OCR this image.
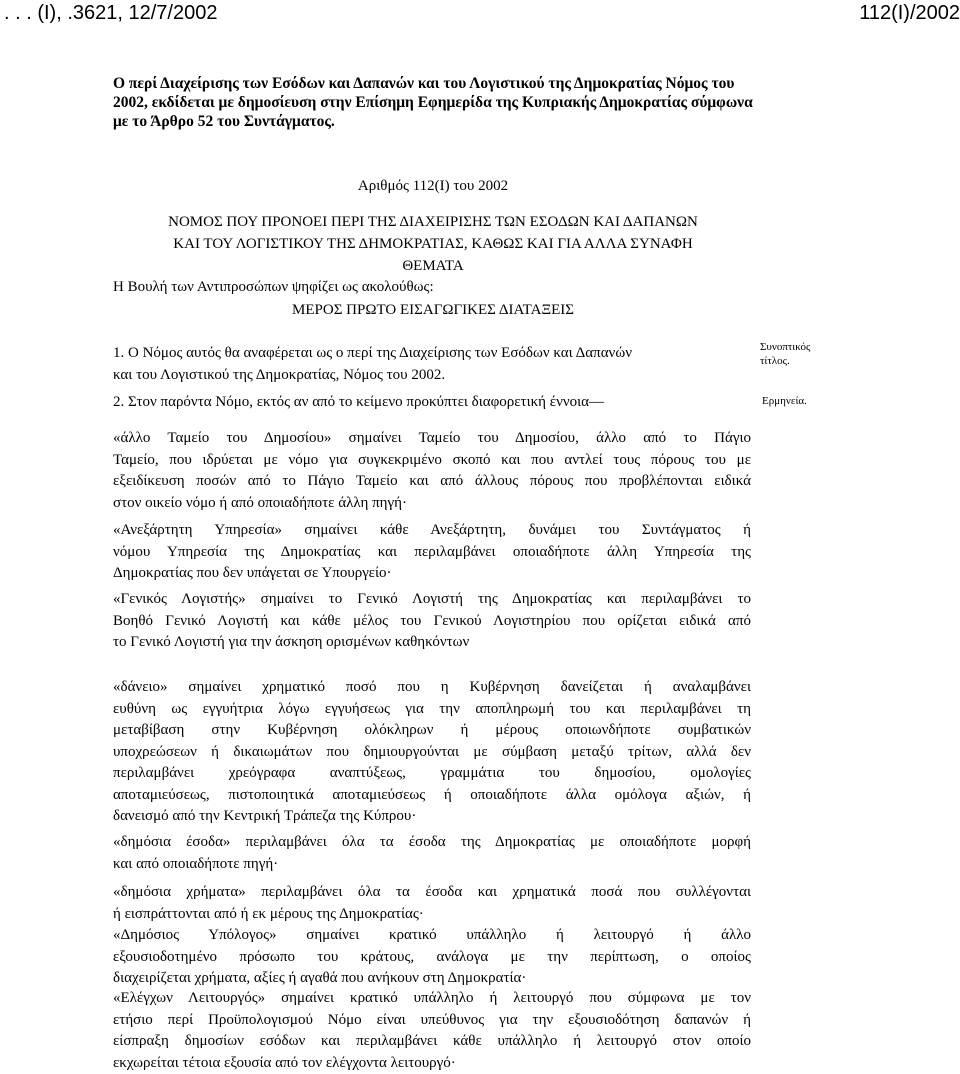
. . . (Ι), .3621, 12/7/2002	112(Ι)/2002
Ο περί Διαχείρισης των Εσόδων και Δαπανών και του Λογιστικού της Δημοκρατίας Νόμος του
2002, εκδίδεται με δημοσίευση στην Επίσημη Εφημερίδα της Κυπριακής Δημοκρατίας σύμφωνα
με το Άρθρο 52 του Συντάγματος.
Αριθμός 112(Ι) του 2002
ΝΟΜΟΣ ΠΟΥ ΠΡΟΝΟΕΙ ΠΕΡΙ ΤΗΣ ΔΙΑΧΕΙΡΙΣΗΣ ΤΩΝ ΕΣΟΔΩΝ ΚΑΙ ΔΑΠΑΝΩΝ
ΚΑΙ ΤΟΥ ΛΟΓΙΣΤΙΚΟΥ ΤΗΣ ΔΗΜΟΚΡΑΤΙΑΣ, ΚΑΘΩΣ ΚΑΙ ΓΙΑ ΑΛΛΑ ΣΥΝΑΦΗ
ΘΕΜΑΤΑ
Η Βουλή των Αντιπροσώπων ψηφίζει ως ακολούθως:
ΜΕΡΟΣ ΠΡΩΤΟ ΕΙΣΑΓΩΓΙΚΕΣ ΔΙΑΤΑΞΕΙΣ
1. Ο Νόμος αυτός θα αναφέρεται ως ο περί της Διαχείρισης των Εσόδων και Δαπανών
και του Λογιστικού της Δημοκρατίας, Νόμος του 2002.
Συνοπτικός
τίτλος.
2. Στον παρόντα Νόμο, εκτός αν από το κείμενο προκύπτει διαφορετική έννοια—	Ερμηνεία.
«άλλο Ταμείο του Δημοσίου» σημαίνει Ταμείο του Δημοσίου, άλλο από το Πάγιο
Ταμείο, που ιδρύεται με νόμο για συγκεκριμένο σκοπό και που αντλεί τους πόρους του με
εξειδίκευση ποσών από το Πάγιο Ταμείο και από άλλους πόρους που προβλέπονται ειδικά
στον οικείο νόμο ή από οποιαδήποτε άλλη πηγή·
«Ανεξάρτητη Υπηρεσία» σημαίνει κάθε Ανεξάρτητη, δυνάμει του Συντάγματος ή
νόμου Υπηρεσία της Δημοκρατίας και περιλαμβάνει οποιαδήποτε άλλη Υπηρεσία της
Δημοκρατίας που δεν υπάγεται σε Υπουργείο·
«Γενικός Λογιστής» σημαίνει το Γενικό Λογιστή της Δημοκρατίας και περιλαμβάνει το
Βοηθό Γενικό Λογιστή και κάθε μέλος του Γενικού Λογιστηρίου που ορίζεται ειδικά από
το Γενικό Λογιστή για την άσκηση ορισμένων καθηκόντων
«δάνειο» σημαίνει χρηματικό ποσό που η Κυβέρνηση δανείζεται ή αναλαμβάνει
ευθύνη ως εγγυήτρια λόγω εγγυήσεως για την αποπληρωμή του και περιλαμβάνει τη
μεταβίβαση στην Κυβέρνηση ολόκληρων ή μέρους οποιωνδήποτε συμβατικών
υποχρεώσεων ή δικαιωμάτων που δημιουργούνται με σύμβαση μεταξύ τρίτων, αλλά δεν
περιλαμβάνει χρεόγραφα αναπτύξεως, γραμμάτια του δημοσίου, ομολογίες
αποταμιεύσεως, πιστοποιητικά αποταμιεύσεως ή οποιαδήποτε άλλα ομόλογα αξιών, ή
δανεισμό από την Κεντρική Τράπεζα της Κύπρου·
«δημόσια έσοδα» περιλαμβάνει όλα τα έσοδα της Δημοκρατίας με οποιαδήποτε μορφή
και από οποιαδήποτε πηγή·
«δημόσια χρήματα» περιλαμβάνει όλα τα έσοδα και χρηματικά ποσά που συλλέγονται
ή εισπράττονται από ή εκ μέρους της Δημοκρατίας·
«Δημόσιος Υπόλογος» σημαίνει κρατικό υπάλληλο ή λειτουργό ή άλλο
εξουσιοδοτημένο πρόσωπο του κράτους, ανάλογα με την περίπτωση, ο οποίος
διαχειρίζεται χρήματα, αξίες ή αγαθά που ανήκουν στη Δημοκρατία·
«Ελέγχων Λειτουργός» σημαίνει κρατικό υπάλληλο ή λειτουργό που σύμφωνα με τον
ετήσιο περί Προϋπολογισμού Νόμο είναι υπεύθυνος για την εξουσιοδότηση δαπανών ή
είσπραξη δημοσίων εσόδων και περιλαμβάνει κάθε υπάλληλο ή λειτουργό στον οποίο
εκχωρείται τέτοια εξουσία από τον ελέγχοντα λειτουργό·
